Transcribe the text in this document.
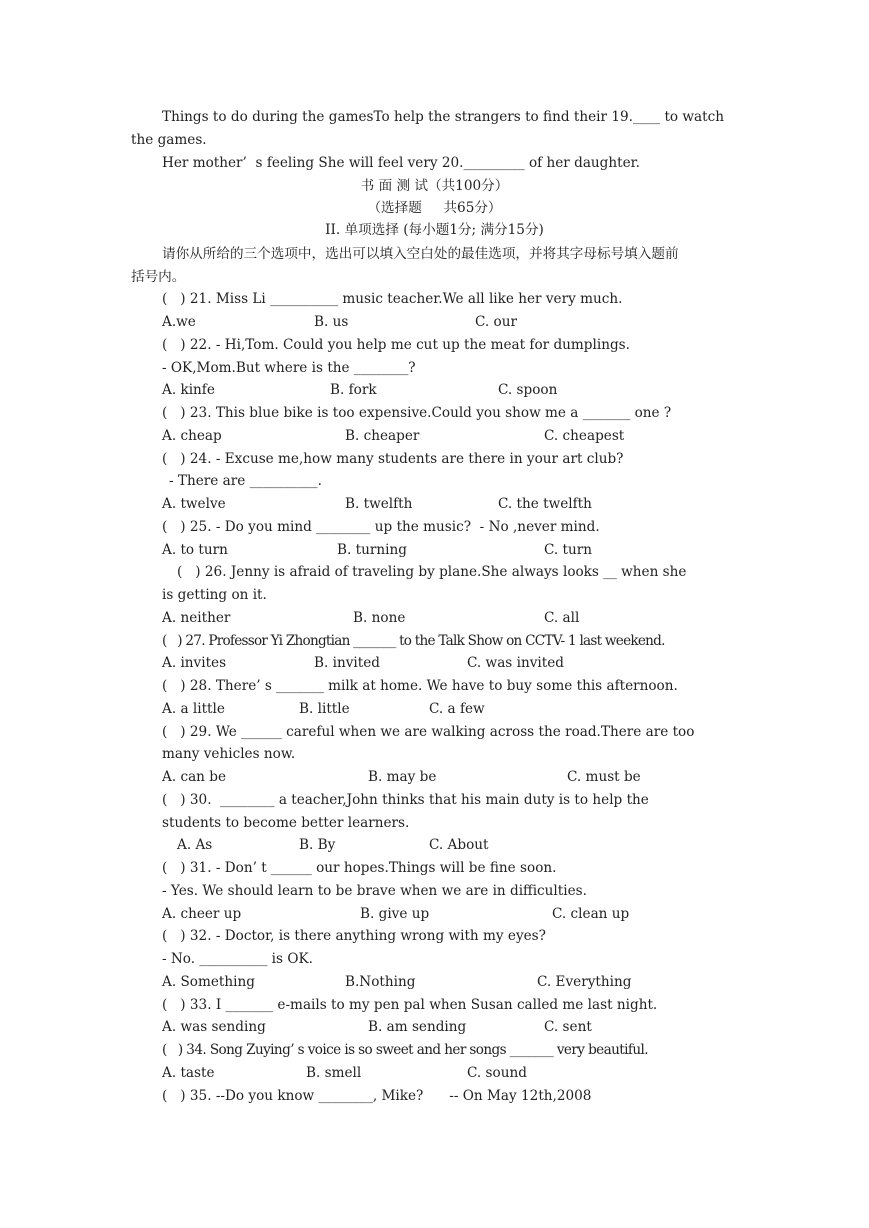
Things to do during the gamesTo help the strangers to find their 19.____ to watch
the games.
Her mother’  s feeling She will feel very 20._________ of her daughter.
书 面 测 试（共100分）
（选择题     共65分）
II. 单项选择 (每小题1分; 满分15分)
请你从所给的三个选项中，选出可以填入空白处的最佳选项，并将其字母标号填入题前
括号内。
(   ) 21. Miss Li __________ music teacher.We all like her very much.
A.we	B. us	C. our
(   ) 22. - Hi,Tom. Could you help me cut up the meat for dumplings.
- OK,Mom.But where is the ________?
A. kinfe	B. fork	C. spoon
(   ) 23. This blue bike is too expensive.Could you show me a _______ one ?
A. cheap	B. cheaper	C. cheapest
(   ) 24. - Excuse me,how many students are there in your art club?
- There are __________.
A. twelve	B. twelfth	C. the twelfth
(   ) 25. - Do you mind ________ up the music?  - No ,never mind.
A. to turn	B. turning	C. turn
(   ) 26. Jenny is afraid of traveling by plane.She always looks __ when she
is getting on it.
A. neither	B. none	C. all
(   ) 27. Professor Yi Zhongtian _______ to the Talk Show on CCTV- 1 last weekend.
A. invites	B. invited	C. was invited
(   ) 28. There’ s _______ milk at home. We have to buy some this afternoon.
A. a little	B. little	C. a few
(   ) 29. We ______ careful when we are walking across the road.There are too
many vehicles now.
A. can be	B. may be	C. must be
(   ) 30.  ________ a teacher,John thinks that his main duty is to help the
students to become better learners.
A. As	B. By	C. About
(   ) 31. - Don’ t ______ our hopes.Things will be fine soon.
- Yes. We should learn to be brave when we are in difficulties.
A. cheer up	B. give up	C. clean up
(   ) 32. - Doctor, is there anything wrong with my eyes?
- No. __________ is OK.
A. Something	B.Nothing	C. Everything
(   ) 33. I _______ e-mails to my pen pal when Susan called me last night.
A. was sending	B. am sending	C. sent
(   ) 34. Song Zuying’ s voice is so sweet and her songs _______ very beautiful.
A. taste	B. smell	C. sound
(   ) 35. --Do you know ________, Mike?      -- On May 12th,2008
